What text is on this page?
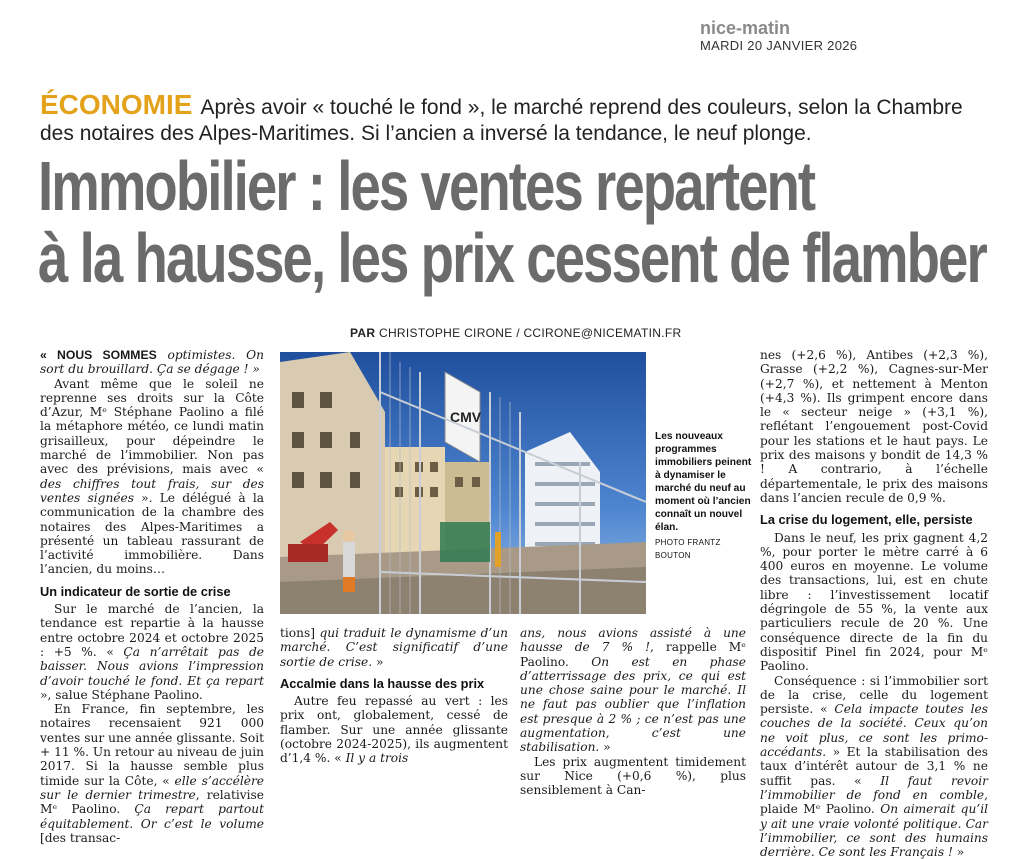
nice-matin
MARDI 20 JANVIER 2026
ÉCONOMIE Après avoir « touché le fond », le marché reprend des couleurs, selon la Chambre des notaires des Alpes-Maritimes. Si l’ancien a inversé la tendance, le neuf plonge.
Immobilier : les ventes repartent
à la hausse, les prix cessent de flamber
PAR CHRISTOPHE CIRONE / CCIRONE@NICEMATIN.FR

« NOUS SOMMES optimistes. On sort du brouillard. Ça se dégage ! »

Avant même que le soleil ne reprenne ses droits sur la Côte d’Azur, Mᵉ Stéphane Paolino a filé la métaphore météo, ce lundi matin grisailleux, pour dépeindre le marché de l’immobilier. Non pas avec des prévisions, mais avec « des chiffres tout frais, sur des ventes signées ». Le délégué à la communication de la chambre des notaires des Alpes-Maritimes a présenté un tableau rassurant de l’activité immobilière. Dans l’ancien, du moins…

Un indicateur de sortie de crise

Sur le marché de l’ancien, la tendance est repartie à la hausse entre octobre 2024 et octobre 2025 : +5 %. « Ça n’arrêtait pas de baisser. Nous avions l’impression d’avoir touché le fond. Et ça repart », salue Stéphane Paolino.

En France, fin septembre, les notaires recensaient 921 000 ventes sur une année glissante. Soit + 11 %. Un retour au niveau de juin 2017. Si la hausse semble plus timide sur la Côte, « elle s’accélère sur le dernier trimestre, relativise Mᵉ Paolino. Ça repart partout équitablement. Or c’est le volume [des transac-

CMV
Les nouveaux programmes immobiliers peinent à dynamiser le marché du neuf au moment où l’ancien connaît un nouvel élan.
PHOTO FRANTZ BOUTON

tions] qui traduit le dynamisme d’un marché. C’est significatif d’une sortie de crise. »

Accalmie dans la hausse des prix

Autre feu repassé au vert : les prix ont, globalement, cessé de flamber. Sur une année glissante (octobre 2024-2025), ils augmentent d’1,4 %. « Il y a trois

ans, nous avions assisté à une hausse de 7 % !, rappelle Mᵉ Paolino. On est en phase d’atterrissage des prix, ce qui est une chose saine pour le marché. Il ne faut pas oublier que l’inflation est presque à 2 % ; ce n’est pas une augmentation, c’est une stabilisation. »

Les prix augmentent timidement sur Nice (+0,6 %), plus sensiblement à Can-

nes (+2,6 %), Antibes (+2,3 %), Grasse (+2,2 %), Cagnes-sur-Mer (+2,7 %), et nettement à Menton (+4,3 %). Ils grimpent encore dans le « secteur neige » (+3,1 %), reflétant l’engouement post-Covid pour les stations et le haut pays. Le prix des maisons y bondit de 14,3 % ! A contrario, à l’échelle départementale, le prix des maisons dans l’ancien recule de 0,9 %.

La crise du logement, elle, persiste

Dans le neuf, les prix gagnent 4,2 %, pour porter le mètre carré à 6 400 euros en moyenne. Le volume des transactions, lui, est en chute libre : l’investissement locatif dégringole de 55 %, la vente aux particuliers recule de 20 %. Une conséquence directe de la fin du dispositif Pinel fin 2024, pour Mᵉ Paolino.

Conséquence : si l’immobilier sort de la crise, celle du logement persiste. « Cela impacte toutes les couches de la société. Ceux qu’on ne voit plus, ce sont les primo-accédants. » Et la stabilisation des taux d’intérêt autour de 3,1 % ne suffit pas. « Il faut revoir l’immobilier de fond en comble, plaide Mᵉ Paolino. On aimerait qu’il y ait une vraie volonté politique. Car l’immobilier, ce sont des humains derrière. Ce sont les Français ! »
